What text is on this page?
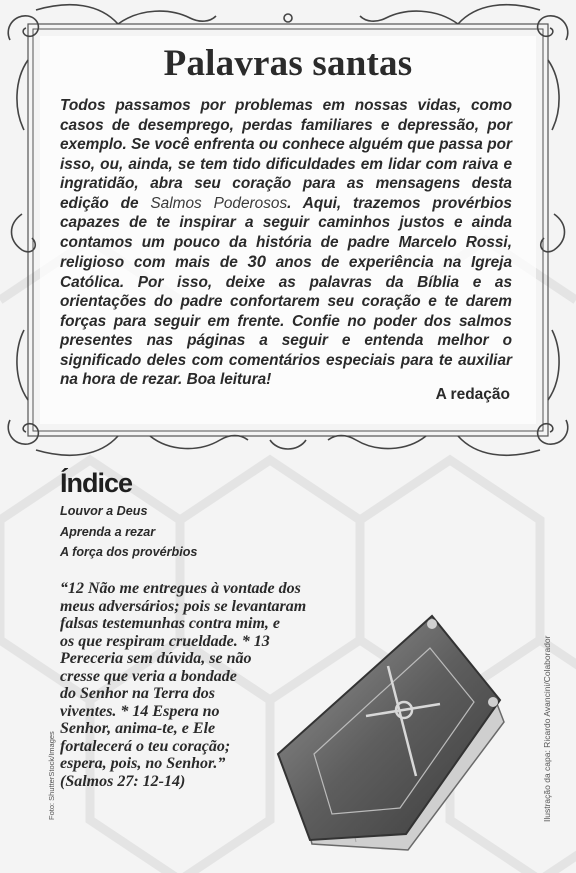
Palavras santas

Todos passamos por problemas em nossas vidas, como casos de desemprego, perdas familiares e depressão, por exemplo. Se você enfrenta ou conhece alguém que passa por isso, ou, ainda, se tem tido dificuldades em lidar com raiva e ingratidão, abra seu coração para as mensagens desta edição de Salmos Poderosos. Aqui, trazemos provérbios capazes de te inspirar a seguir caminhos justos e ainda contamos um pouco da história de padre Marcelo Rossi, religioso com mais de 30 anos de experiência na Igreja Católica. Por isso, deixe as palavras da Bíblia e as orientações do padre confortarem seu coração e te darem forças para seguir em frente. Confie no poder dos salmos presentes nas páginas a seguir e entenda melhor o significado deles com comentários especiais para te auxiliar na hora de rezar. Boa leitura!

A redação

Índice
Louvor a Deus
Aprenda a rezar
A força dos provérbios
“12 Não me entregues à vontade dos
meus adversários; pois se levantaram
falsas testemunhas contra mim, e
os que respiram crueldade. * 13
Pereceria sem dúvida, se não
cresse que veria a bondade
do Senhor na Terra dos
viventes. * 14 Espera no
Senhor, anima-te, e Ele
fortalecerá o teu coração;
espera, pois, no Senhor.”
(Salmos 27: 12-14)

Foto: ShutterStock/Images	Ilustração da capa: Ricardo Avancini/Colaborador
